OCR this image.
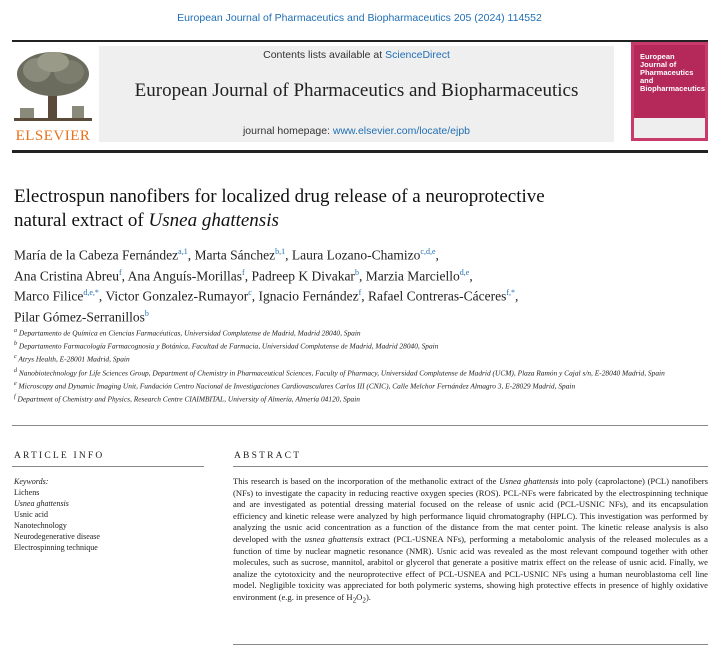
European Journal of Pharmaceutics and Biopharmaceutics 205 (2024) 114552
ELSEVIER
Contents lists available at ScienceDirect
European Journal of Pharmaceutics and Biopharmaceutics
journal homepage: www.elsevier.com/locate/ejpb
European
Journal of
Pharmaceutics and
Biopharmaceutics
Electrospun nanofibers for localized drug release of a neuroprotective
natural extract of Usnea ghattensis
María de la Cabeza Fernández$^{a,1}$, Marta Sánchez$^{b,1}$, Laura Lozano-Chamizo$^{c,d,e}$,
Ana Cristina Abreu$^f$, Ana Anguís-Morillas$^f$, Padreep K Divakar$^b$, Marzia Marciello$^{d,e}$,
Marco Filice$^{d,e,*}$, Victor Gonzalez-Rumayor$^c$, Ignacio Fernández$^f$, Rafael Contreras-Cáceres$^{f,*}$,
Pilar Gómez-Serranillos$^b$
$^a$ Departamento de Química en Ciencias Farmacéuticas, Universidad Complutense de Madrid, Madrid 28040, Spain
$^b$ Departamento Farmacología Farmacognosia y Botánica, Facultad de Farmacia, Universidad Complutense de Madrid, Madrid 28040, Spain
$^c$ Atrys Health, E-28001 Madrid, Spain
$^d$ Nanobiotechnology for Life Sciences Group, Department of Chemistry in Pharmaceutical Sciences, Faculty of Pharmacy, Universidad Complutense de Madrid (UCM), Plaza Ramón y Cajal s/n, E-28040 Madrid, Spain
$^e$ Microscopy and Dynamic Imaging Unit, Fundación Centro Nacional de Investigaciones Cardiovasculares Carlos III (CNIC), Calle Melchor Fernández Almagro 3, E-28029 Madrid, Spain
$^f$ Department of Chemistry and Physics, Research Centre CIAIMBITAL, University of Almería, Almería 04120, Spain
ARTICLE INFO
Keywords:
Lichens
Usnea ghattensis
Usnic acid
Nanotechnology
Neurodegenerative disease
Electrospinning technique
ABSTRACT
This research is based on the incorporation of the methanolic extract of the Usnea ghattensis into poly (caprolactone) (PCL) nanofibers (NFs) to investigate the capacity in reducing reactive oxygen species (ROS). PCL-NFs were fabricated by the electrospinning technique and are investigated as potential dressing material focused on the release of usnic acid (PCL-USNIC NFs), and its encapsulation efficiency and kinetic release were analyzed by high performance liquid chromatography (HPLC). This investigation was performed by analyzing the usnic acid concentration as a function of the distance from the mat center point. The kinetic release analysis is also developed with the usnea ghattensis extract (PCL-USNEA NFs), performing a metabolomic analysis of the released molecules as a function of time by nuclear magnetic resonance (NMR). Usnic acid was revealed as the most relevant compound together with other molecules, such as sucrose, mannitol, arabitol or glycerol that generate a positive matrix effect on the release of usnic acid. Finally, we analize the cytotoxicity and the neuroprotective effect of PCL-USNEA and PCL-USNIC NFs using a human neuroblastoma cell line model. Negligible toxicity was appreciated for both polymeric systems, showing high protective effects in presence of highly oxidative environment (e.g. in presence of $H_2O_2$).
